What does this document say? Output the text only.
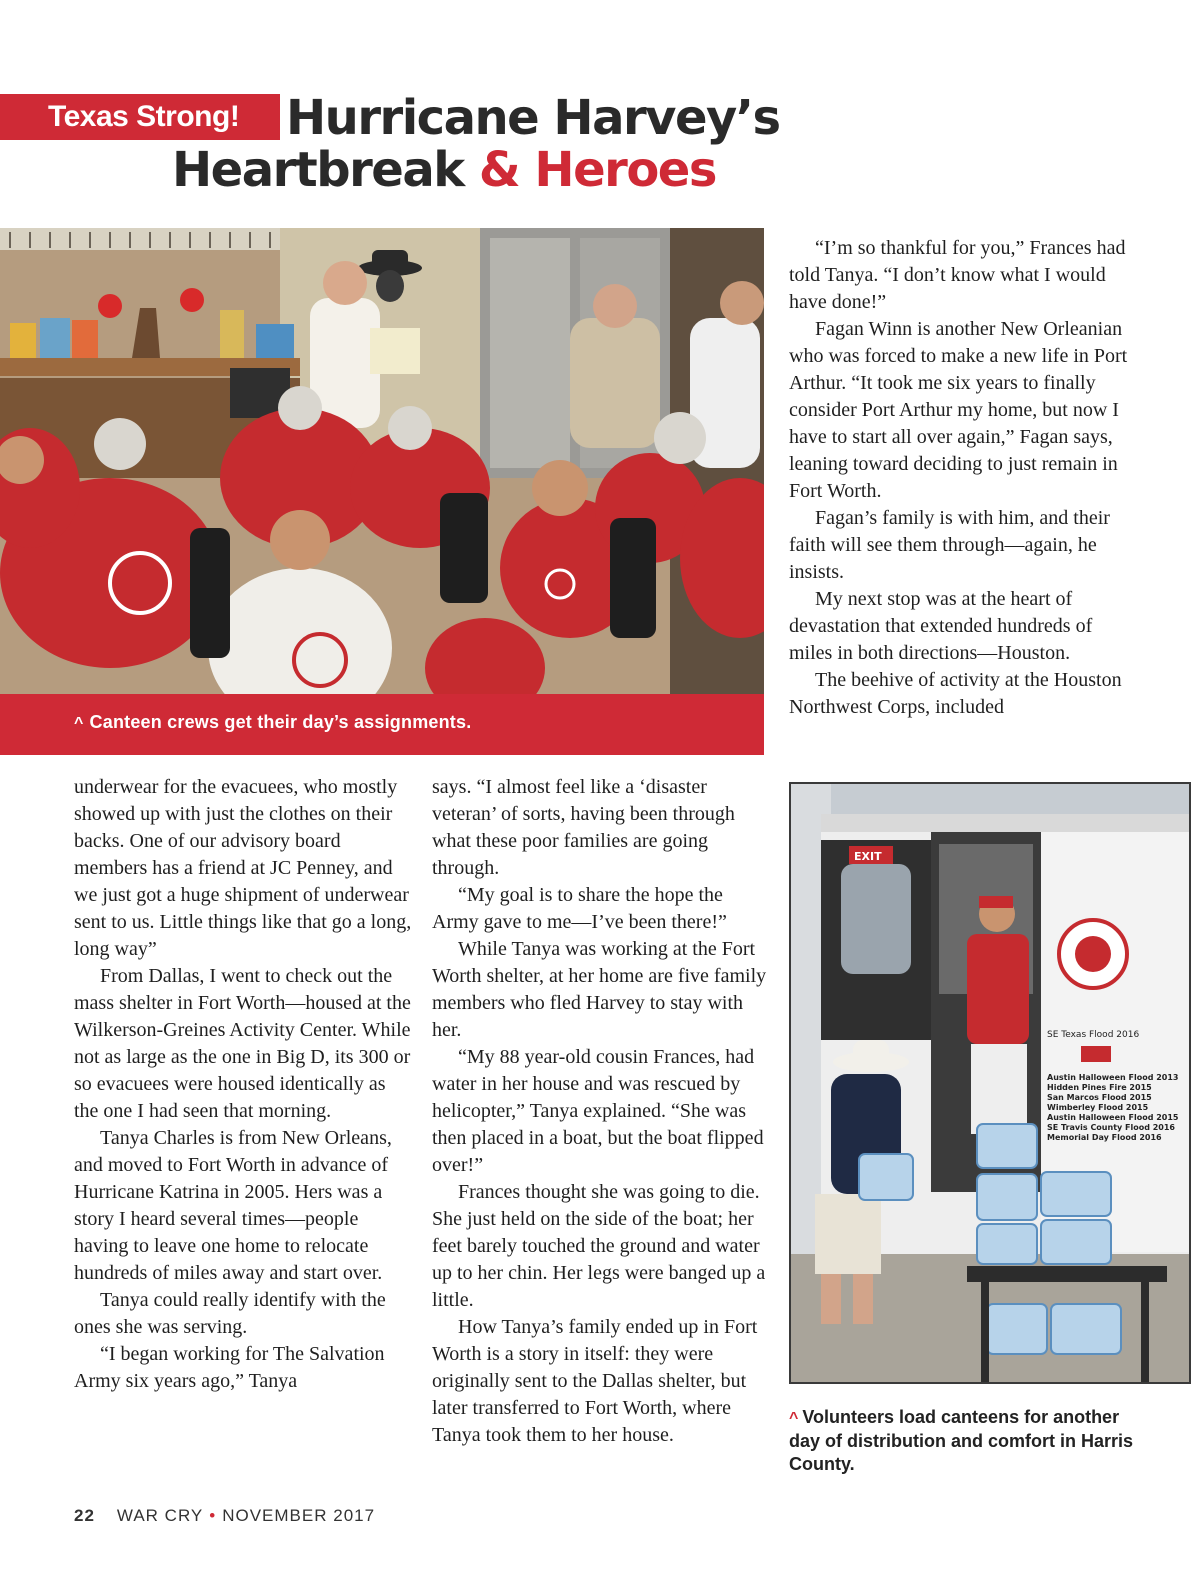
Texas Strong! Hurricane Harvey’s
Heartbreak & Heroes
^ Canteen crews get their day’s assignments.

underwear for the evacuees, who mostly showed up with just the clothes on their backs. One of our advisory board members has a friend at JC Penney, and we just got a huge shipment of underwear sent to us. Little things like that go a long, long way”

From Dallas, I went to check out the mass shelter in Fort Worth—housed at the Wilkerson-Greines Activity Center. While not as large as the one in Big D, its 300 or so evacuees were housed identically as the one I had seen that morning.

Tanya Charles is from New Orleans, and moved to Fort Worth in advance of Hurricane Katrina in 2005. Hers was a story I heard several times—people having to leave one home to relocate hundreds of miles away and start over.

Tanya could really identify with the ones she was serving.

“I began working for The Salvation Army six years ago,” Tanya

says. “I almost feel like a ‘disaster veteran’ of sorts, having been through what these poor families are going through.

“My goal is to share the hope the Army gave to me—I’ve been there!”

While Tanya was working at the Fort Worth shelter, at her home are five family members who fled Harvey to stay with her.

“My 88 year-old cousin Frances, had water in her house and was rescued by helicopter,” Tanya explained. “She was then placed in a boat, but the boat flipped over!”

Frances thought she was going to die. She just held on the side of the boat; her feet barely touched the ground and water up to her chin. Her legs were banged up a little.

How Tanya’s family ended up in Fort Worth is a story in itself: they were originally sent to the Dallas shelter, but later transferred to Fort Worth, where Tanya took them to her house.

“I’m so thankful for you,” Frances had told Tanya. “I don’t know what I would have done!”

Fagan Winn is another New Orleanian who was forced to make a new life in Port Arthur. “It took me six years to finally consider Port Arthur my home, but now I have to start all over again,” Fagan says, leaning toward deciding to just remain in Fort Worth.

Fagan’s family is with him, and their faith will see them through—again, he insists.

My next stop was at the heart of devastation that extended hundreds of miles in both directions—Houston.

The beehive of activity at the Houston Northwest Corps, included

EXIT
SE Texas Flood 2016
Austin Halloween Flood 2013
Hidden Pines Fire 2015
San Marcos Flood 2015
Wimberley Flood 2015
Austin Halloween Flood 2015
SE Travis County Flood 2016
Memorial Day Flood 2016
^ Volunteers load canteens for another day of distribution and comfort in Harris County.
22 WAR CRY • NOVEMBER 2017
